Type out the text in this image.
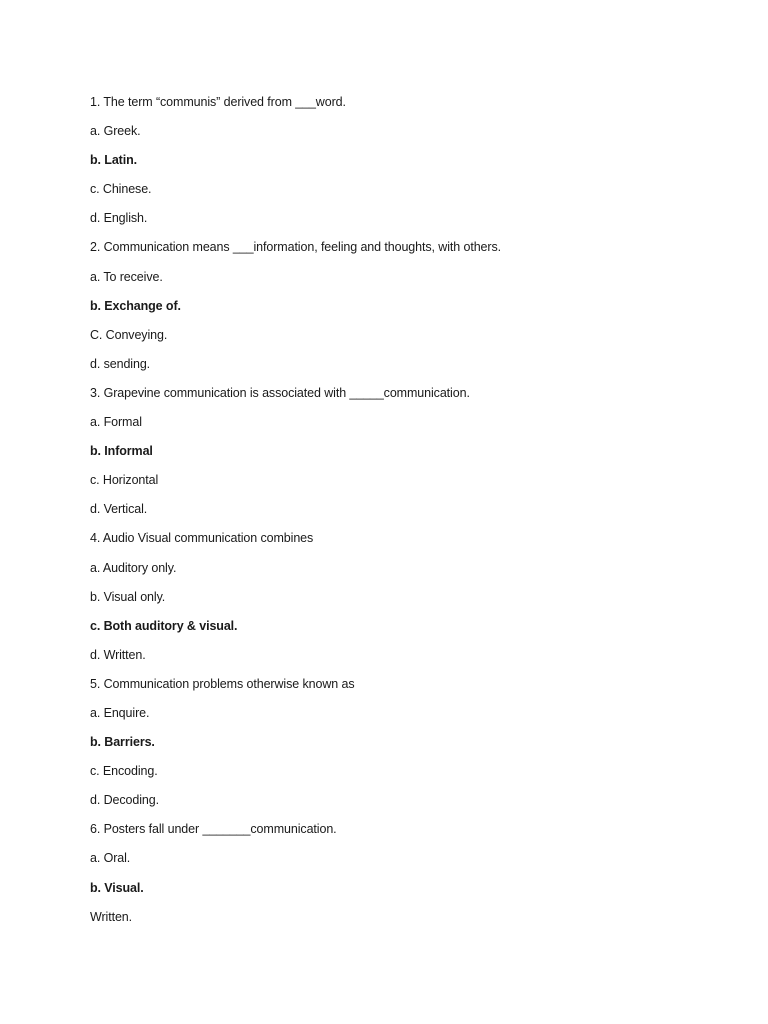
1. The term “communis” derived from ___word.
a. Greek.
b. Latin.
c. Chinese.
d. English.
2. Communication means ___information, feeling and thoughts, with others.
a. To receive.
b. Exchange of.
C. Conveying.
d. sending.
3. Grapevine communication is associated with _____communication.
a. Formal
b. Informal
c. Horizontal
d. Vertical.
4. Audio Visual communication combines
a. Auditory only.
b. Visual only.
c. Both auditory & visual.
d. Written.
5. Communication problems otherwise known as
a. Enquire.
b. Barriers.
c. Encoding.
d. Decoding.
6. Posters fall under _______communication.
a. Oral.
b. Visual.
Written.
